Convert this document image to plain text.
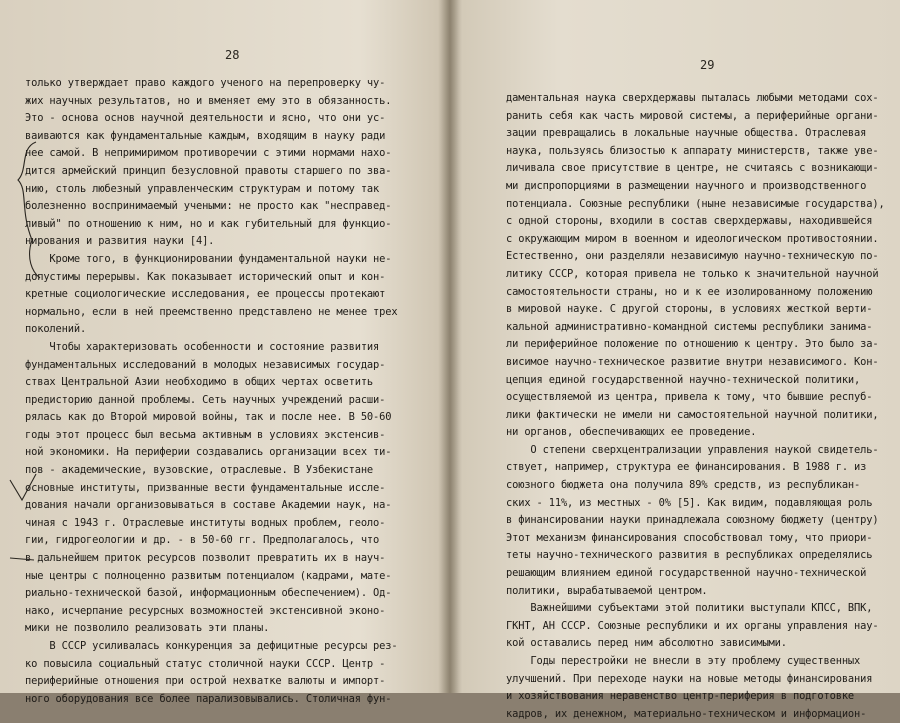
28
только утверждает право каждого ученого на перепроверку чу-
жих научных результатов, но и вменяет ему это в обязанность.
Это - основа основ научной деятельности и ясно, что они ус-
ваиваются как фундаментальные каждым, входящим в науку ради
нее самой. В непримиримом противоречии с этими нормами нахо-
дится армейский принцип безусловной правоты старшего по зва-
нию, столь любезный управленческим структурам и потому так
болезненно воспринимаемый учеными: не просто как "несправед-
ливый" по отношению к ним, но и как губительный для функцио-
нирования и развития науки [4].
Кроме того, в функционировании фундаментальной науки не-
допустимы перерывы. Как показывает исторический опыт и кон-
кретные социологические исследования, ее процессы протекают
нормально, если в ней преемственно представлено не менее трех
поколений.
Чтобы характеризовать особенности и состояние развития
фундаментальных исследований в молодых независимых государ-
ствах Центральной Азии необходимо в общих чертах осветить
предисторию данной проблемы. Сеть научных учреждений расши-
рялась как до Второй мировой войны, так и после нее. В 50-60
годы этот процесс был весьма активным в условиях экстенсив-
ной экономики. На периферии создавались организации всех ти-
пов - академические, вузовские, отраслевые. В Узбекистане
основные институты, призванные вести фундаментальные иссле-
дования начали организовываться в составе Академии наук, на-
чиная с 1943 г. Отраслевые институты водных проблем, геоло-
гии, гидрогеологии и др. - в 50-60 гг. Предполагалось, что
в дальнейшем приток ресурсов позволит превратить их в науч-
ные центры с полноценно развитым потенциалом (кадрами, мате-
риально-технической базой, информационным обеспечением). Од-
нако, исчерпание ресурсных возможностей экстенсивной эконо-
мики не позволило реализовать эти планы.
В СССР усиливалась конкуренция за дефицитные ресурсы рез-
ко повысила социальный статус столичной науки СССР. Центр -
периферийные отношения при острой нехватке валюты и импорт-
ного оборудования все более парализовывались. Столичная фун-
29
даментальная наука сверхдержавы пыталась любыми методами сох-
ранить себя как часть мировой системы, а периферийные органи-
зации превращались в локальные научные общества. Отраслевая
наука, пользуясь близостью к аппарату министерств, также уве-
личивала свое присутствие в центре, не считаясь с возникающи-
ми диспропорциями в размещении научного и производственного
потенциала. Союзные республики (ныне независимые государства),
с одной стороны, входили в состав сверхдержавы, находившейся
с окружающим миром в военном и идеологическом противостоянии.
Естественно, они разделяли независимую научно-техническую по-
литику СССР, которая привела не только к значительной научной
самостоятельности страны, но и к ее изолированному положению
в мировой науке. С другой стороны, в условиях жесткой верти-
кальной административно-командной системы республики занима-
ли периферийное положение по отношению к центру. Это было за-
висимое научно-техническое развитие внутри независимого. Кон-
цепция единой государственной научно-технической политики,
осуществляемой из центра, привела к тому, что бывшие респуб-
лики фактически не имели ни самостоятельной научной политики,
ни органов, обеспечивающих ее проведение.
О степени сверхцентрализации управления наукой свидетель-
ствует, например, структура ее финансирования. В 1988 г. из
союзного бюджета она получила 89% средств, из республикан-
ских - 11%, из местных - 0% [5]. Как видим, подавляющая роль
в финансировании науки принадлежала союзному бюджету (центру)
Этот механизм финансирования способствовал тому, что приори-
теты научно-технического развития в республиках определялись
решающим влиянием единой государственной научно-технической
политики, вырабатываемой центром.
Важнейшими субъектами этой политики выступали КПСС, ВПК,
ГКНТ, АН СССР. Союзные республики и их органы управления нау-
кой оставались перед ним абсолютно зависимыми.
Годы перестройки не внесли в эту проблему существенных
улучшений. При переходе науки на новые методы финансирования
и хозяйствования неравенство центр-периферия в подготовке
кадров, их денежном, материально-техническом и информацион-
